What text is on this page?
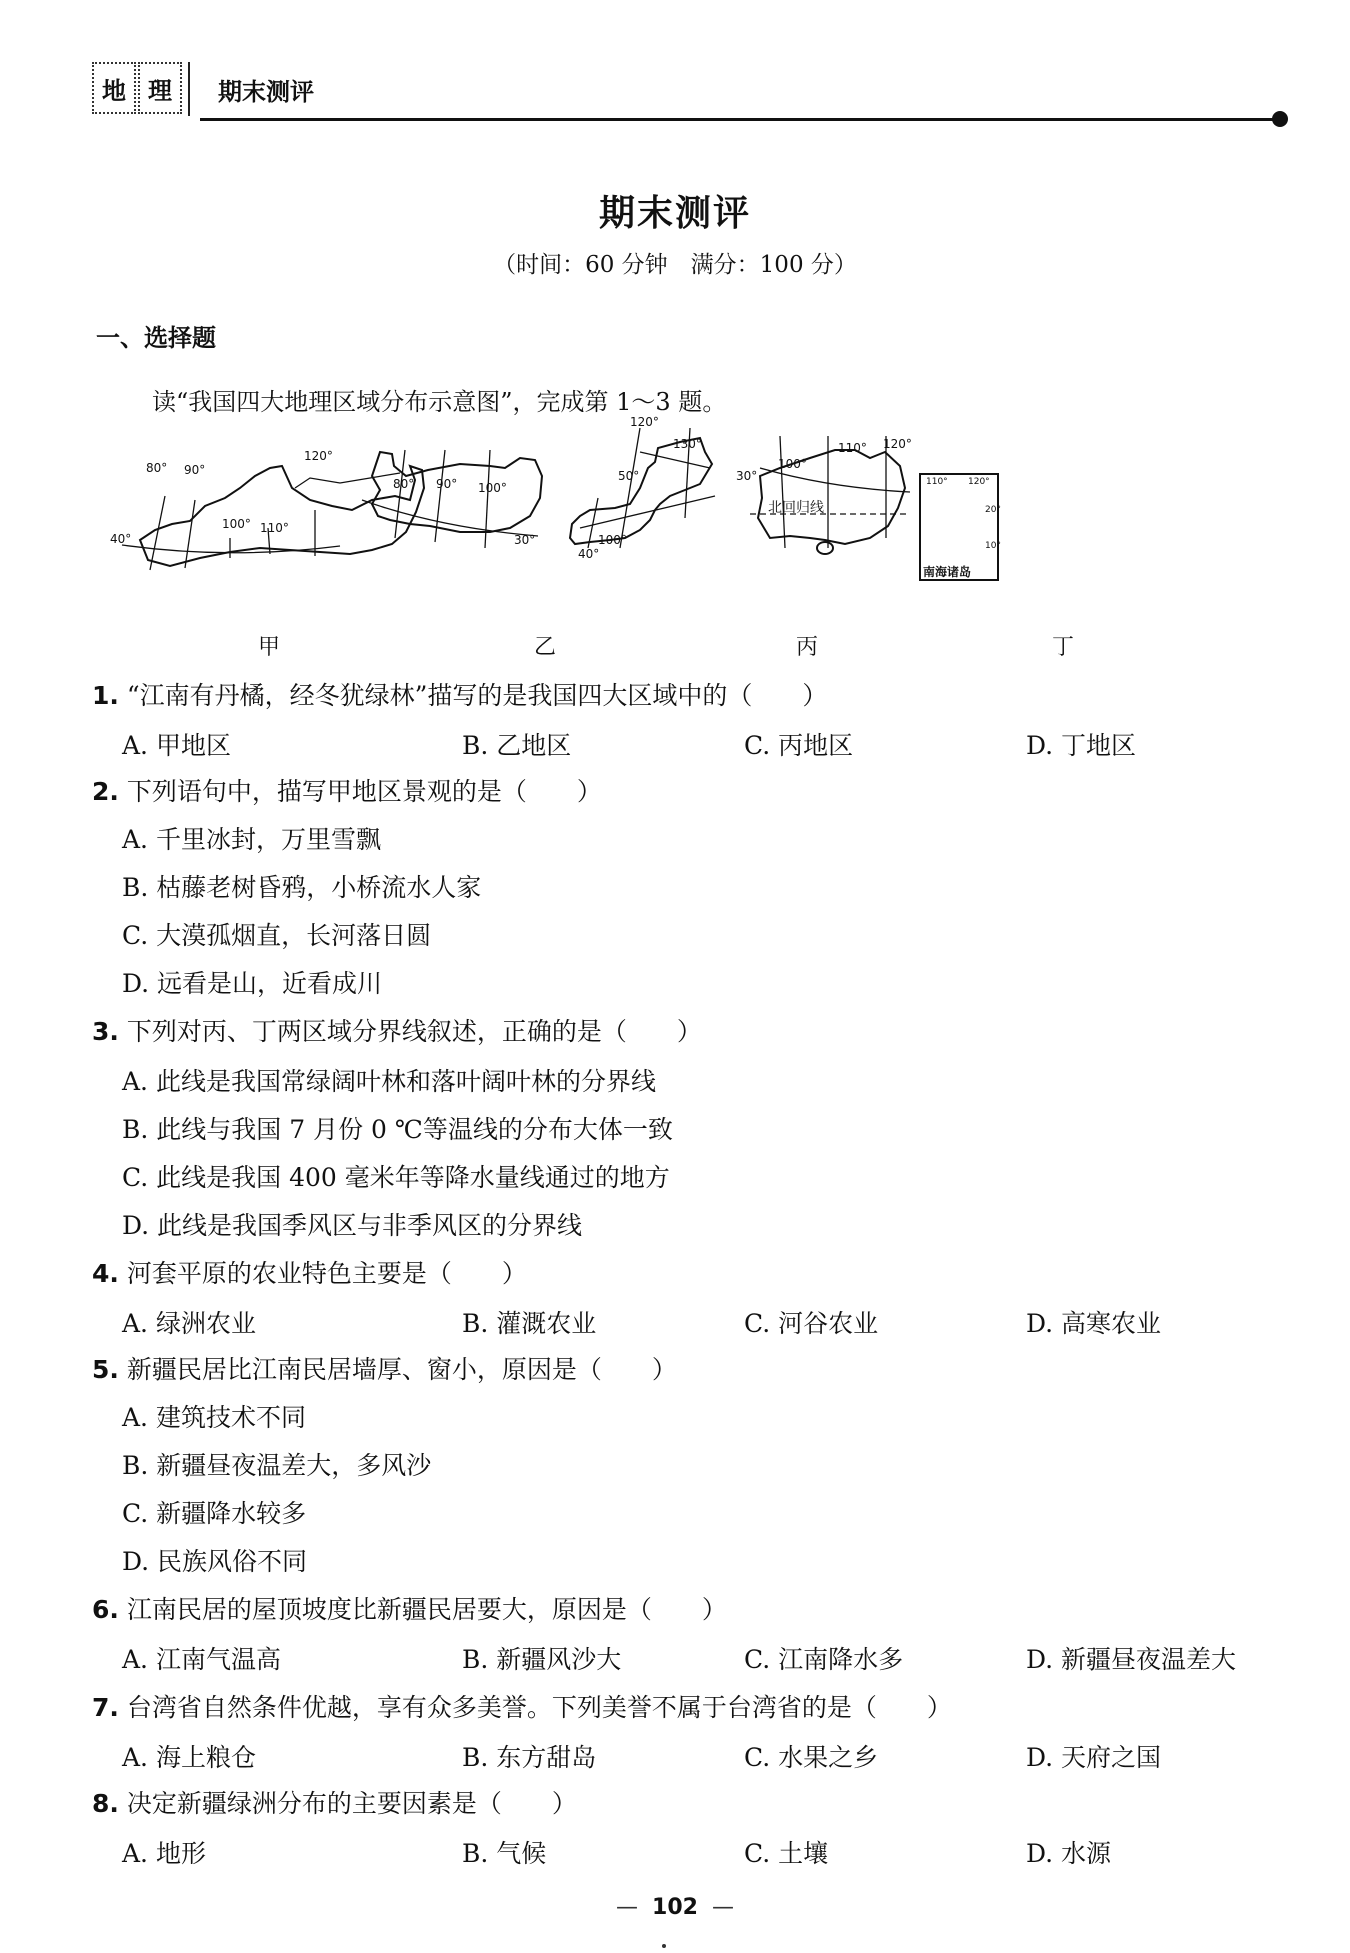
地 理 期末测评
期末测评
（时间：60 分钟　满分：100 分）
一、选择题
读“我国四大地理区域分布示意图”，完成第 1～3 题。
80° 90°
100° 110°
120°
40°
80° 90° 100°
30°
120°
130°
50°
100°
40°
110° 120°
100°
30°
北回归线
110° 120°
20°
10°
南海诸岛
甲	乙	丙	丁
1. “江南有丹橘，经冬犹绿林”描写的是我国四大区域中的（　　）
A. 甲地区	B. 乙地区	C. 丙地区	D. 丁地区
2. 下列语句中，描写甲地区景观的是（　　）
A. 千里冰封，万里雪飘
B. 枯藤老树昏鸦，小桥流水人家
C. 大漠孤烟直，长河落日圆
D. 远看是山，近看成川
3. 下列对丙、丁两区域分界线叙述，正确的是（　　）
A. 此线是我国常绿阔叶林和落叶阔叶林的分界线
B. 此线与我国 7 月份 0 ℃等温线的分布大体一致
C. 此线是我国 400 毫米年等降水量线通过的地方
D. 此线是我国季风区与非季风区的分界线
4. 河套平原的农业特色主要是（　　）
A. 绿洲农业	B. 灌溉农业	C. 河谷农业	D. 高寒农业
5. 新疆民居比江南民居墙厚、窗小，原因是（　　）
A. 建筑技术不同
B. 新疆昼夜温差大，多风沙
C. 新疆降水较多
D. 民族风俗不同
6. 江南民居的屋顶坡度比新疆民居要大，原因是（　　）
A. 江南气温高	B. 新疆风沙大	C. 江南降水多	D. 新疆昼夜温差大
7. 台湾省自然条件优越，享有众多美誉。下列美誉不属于台湾省的是（　　）
A. 海上粮仓	B. 东方甜岛	C. 水果之乡	D. 天府之国
8. 决定新疆绿洲分布的主要因素是（　　）
A. 地形	B. 气候	C. 土壤	D. 水源
— 102 —
